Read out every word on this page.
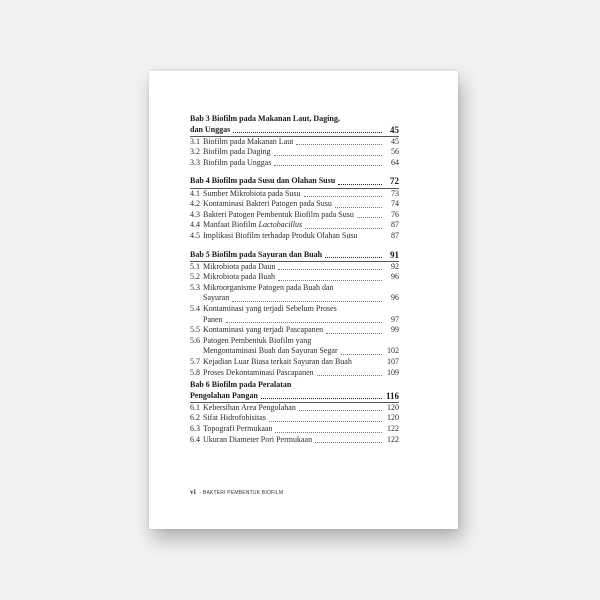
Bab 3 Biofilm pada Makanan Laut, Daging,
dan Unggas	45
3.1 Biofilm pada Makanan Laut	45
3.2 Biofilm pada Daging	56
3.3 Biofilm pada Unggas	64
Bab 4 Biofilm pada Susu dan Olahan Susu	72
4.1 Sumber Mikrobiota pada Susu	73
4.2 Kontaminasi Bakteri Patogen pada Susu	74
4.3 Bakteri Patogen Pembentuk Biofilm pada Susu	76
4.4 Manfaat Biofilm Lactobacillus	87
4.5 Implikasi Biofilm terhadap Produk Olahan Susu	87
Bab 5 Biofilm pada Sayuran dan Buah	91
5.1 Mikrobiota pada Daun	92
5.2 Mikrobiota pada Buah	96
5.3 Mikroorganisme Patogen pada Buah dan
Sayuran	96
5.4 Kontaminasi yang terjadi Sebelum Proses
Panen	97
5.5 Kontaminasi yang terjadi Pascapanen	99
5.6 Patogen Pembentuk Biofilm yang
Mengontaminasi Buah dan Sayuran Segar	102
5.7 Kejadian Luar Biasa terkait Sayuran dan Buah	107
5.8 Proses Dekontaminasi Pascapanen	109
Bab 6 Biofilm pada Peralatan
Pengolahan Pangan	116
6.1 Kebersihan Area Pengolahan	120
6.2 Sifat Hidrofobisitas	120
6.3 Topografi Permukaan	122
6.4 Ukuran Diameter Pori Permukaan	122
vi - BAKTERI PEMBENTUK BIOFILM
